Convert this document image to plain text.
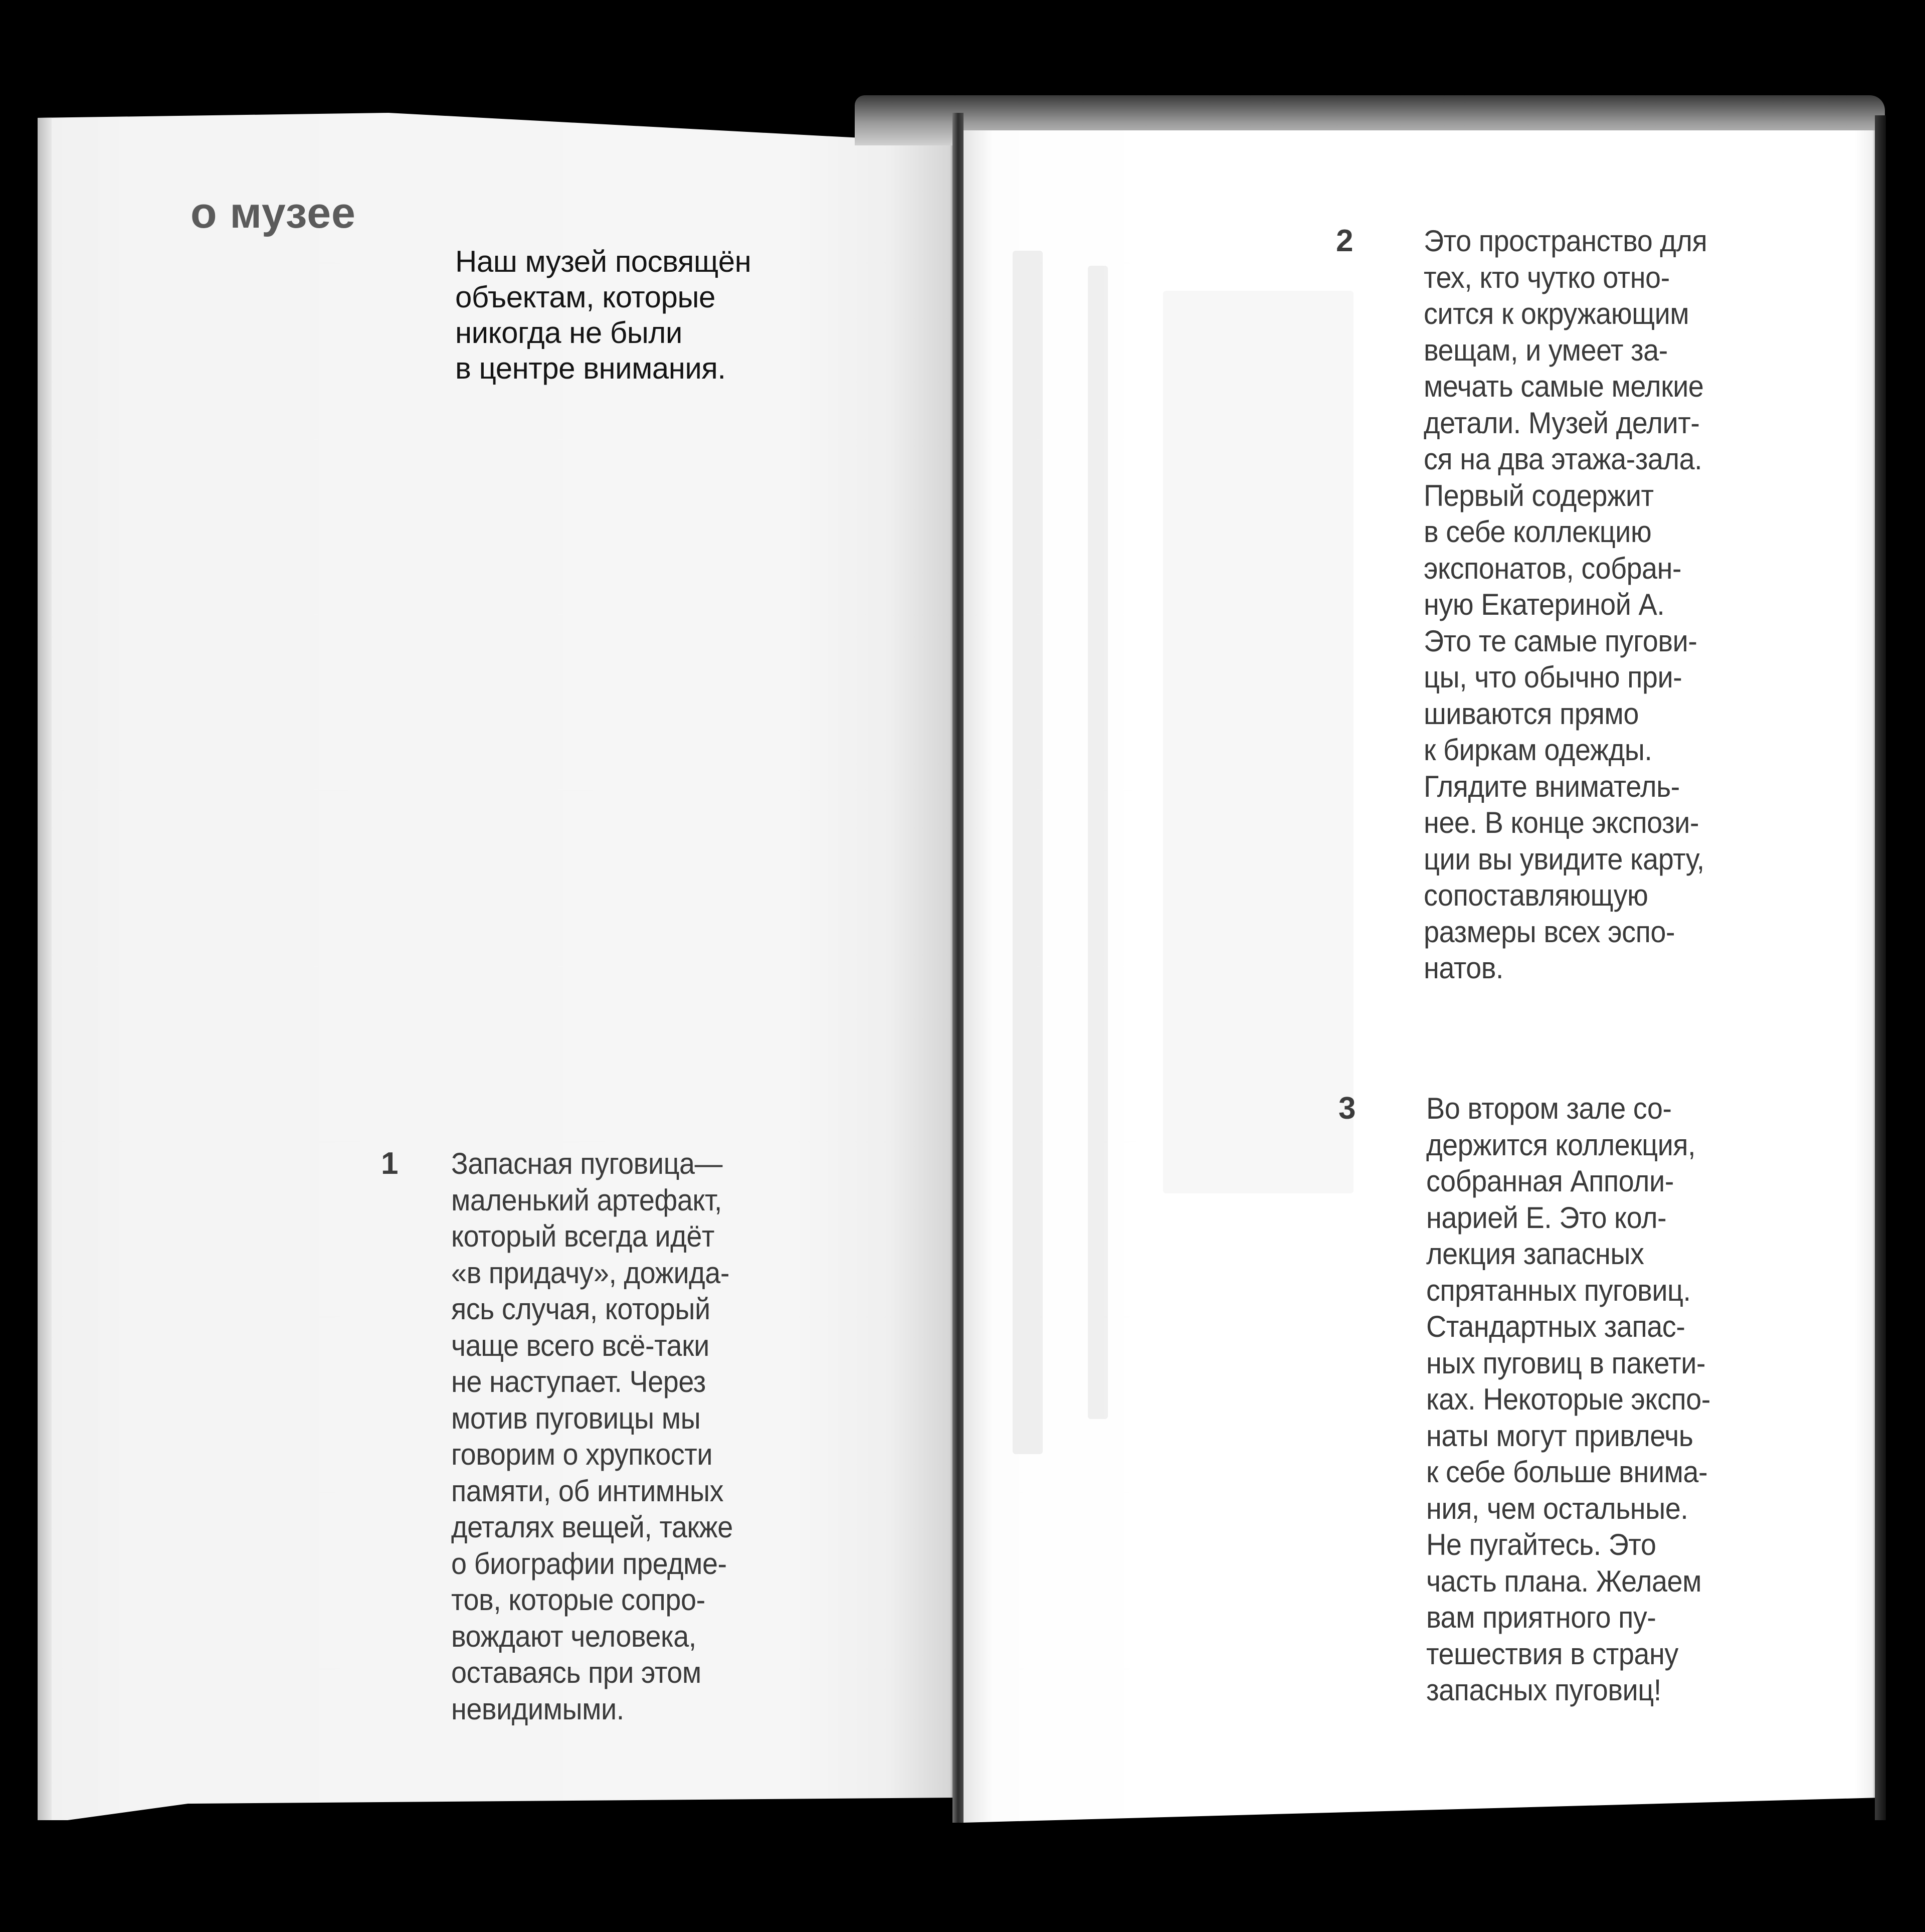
о музее

Наш музей посвящён
объектам, которые
никогда не были
в центре внимания.

1 Запасная пуговица—
маленький артефакт,
который всегда идёт
«в придачу», дожида-
ясь случая, который
чаще всего всё-таки
не наступает. Через
мотив пуговицы мы
говорим о хрупкости
памяти, об интимных
деталях вещей, также
о биографии предме-
тов, которые сопро-
вождают человека,
оставаясь при этом
невидимыми.
2 Это пространство для
тех, кто чутко отно-
сится к окружающим
вещам, и умеет за-
мечать самые мелкие
детали. Музей делит-
ся на два этажа-зала.
Первый содержит
в себе коллекцию
экспонатов, собран-
ную Екатериной А.
Это те самые пугови-
цы, что обычно при-
шиваются прямо
к биркам одежды.
Глядите вниматель-
нее. В конце экспози-
ции вы увидите карту,
сопоставляющую
размеры всех эспо-
натов.
3 Во втором зале со-
держится коллекция,
собранная Апполи-
нарией Е. Это кол-
лекция запасных
спрятанных пуговиц.
Стандартных запас-
ных пуговиц в пакети-
ках. Некоторые экспо-
наты могут привлечь
к себе больше внима-
ния, чем остальные.
Не пугайтесь. Это
часть плана. Желаем
вам приятного пу-
тешествия в страну
запасных пуговиц!
